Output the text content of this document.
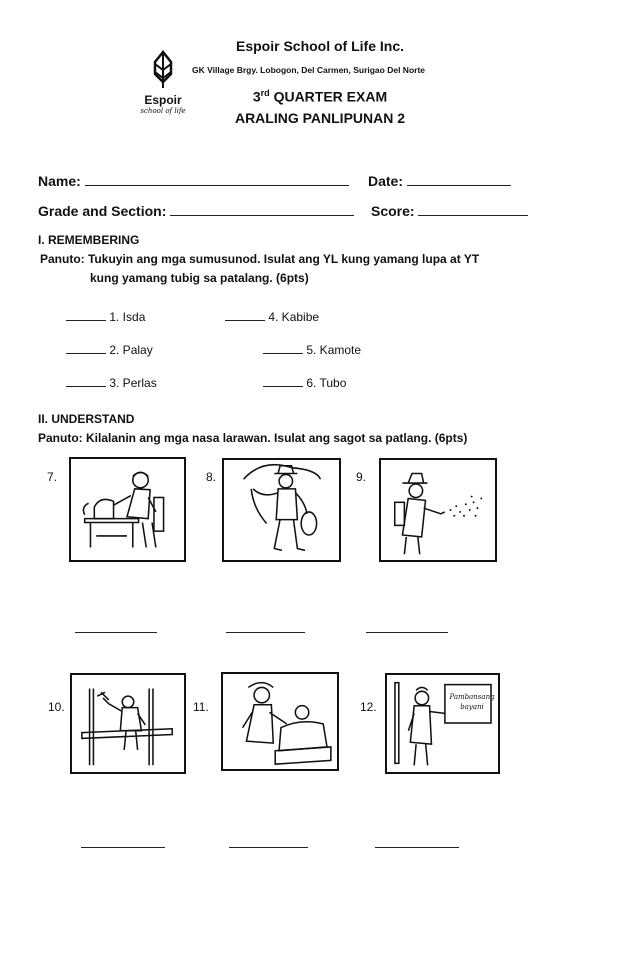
Espoir
school of life
Espoir School of Life Inc.
GK Village Brgy. Lobogon, Del Carmen, Surigao Del Norte
3rd QUARTER EXAM
ARALING PANLIPUNAN 2
Name:	Date:
Grade and Section:	Score:
I. REMEMBERING
Panuto: Tukuyin ang mga sumusunod. Isulat ang YL kung yamang lupa at YT
kung yamang tubig sa patalang. (6pts)
1. Isda
2. Palay
3. Perlas
4. Kabibe
5. Kamote
6. Tubo
II. UNDERSTAND
Panuto: Kilalanin ang mga nasa larawan. Isulat ang sagot sa patlang. (6pts)
7.	8.	9.
10.	11.	12.
Pambansang
bayani
